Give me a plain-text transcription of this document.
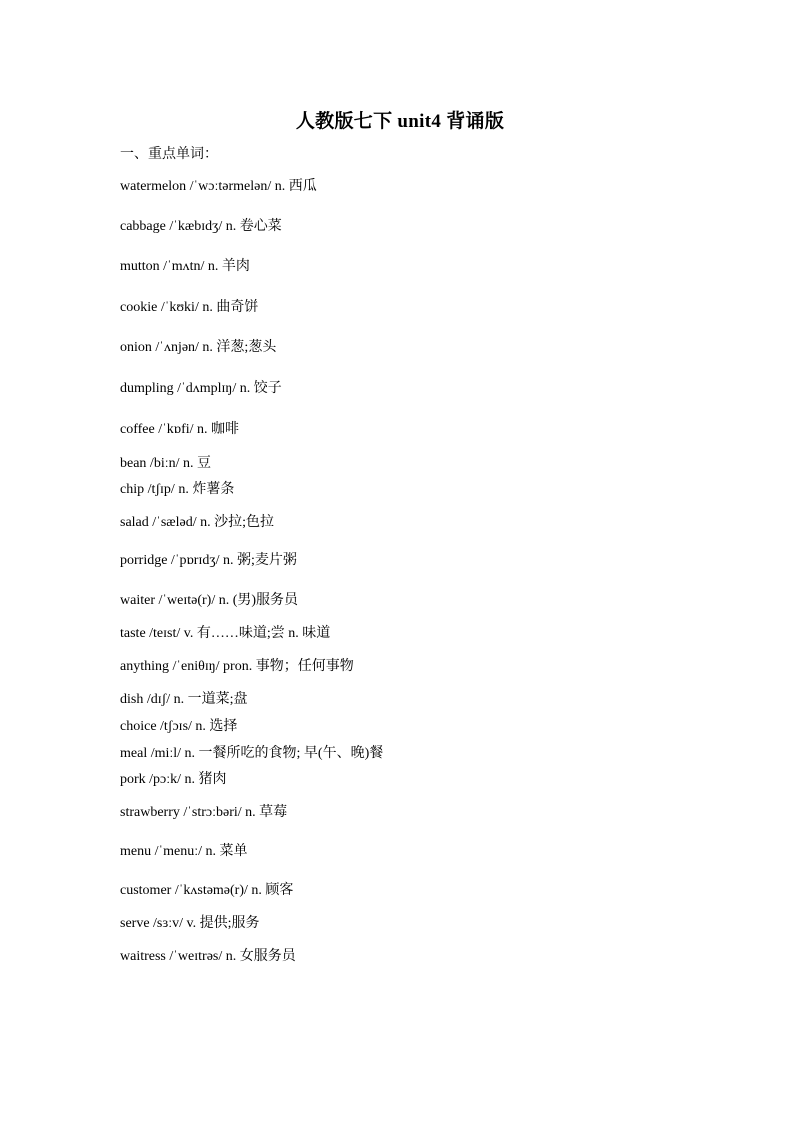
人教版七下 unit4 背诵版
一、重点单词：
watermelon /ˈwɔːtərmelən/ n. 西瓜
cabbage /ˈkæbɪdʒ/ n. 卷心菜
mutton /ˈmʌtn/ n. 羊肉
cookie /ˈkʊki/ n. 曲奇饼
onion /ˈʌnjən/ n. 洋葱;葱头
dumpling /ˈdʌmplɪŋ/ n. 饺子
coffee /ˈkɒfi/ n. 咖啡
bean /biːn/ n. 豆
chip /tʃɪp/ n. 炸薯条
salad /ˈsæləd/ n. 沙拉;色拉
porridge /ˈpɒrɪdʒ/ n. 粥;麦片粥
waiter /ˈweɪtə(r)/ n. (男)服务员
taste /teɪst/ v. 有……味道;尝 n. 味道
anything /ˈeniθɪŋ/ pron. 事物；任何事物
dish /dɪʃ/ n. 一道菜;盘
choice /tʃɔɪs/ n. 选择
meal /miːl/ n. 一餐所吃的食物; 早(午、晚)餐
pork /pɔːk/ n. 猪肉
strawberry /ˈstrɔːbəri/ n. 草莓
menu /ˈmenuː/ n. 菜单
customer /ˈkʌstəmə(r)/ n. 顾客
serve /sɜːv/ v. 提供;服务
waitress /ˈweɪtrəs/ n. 女服务员
